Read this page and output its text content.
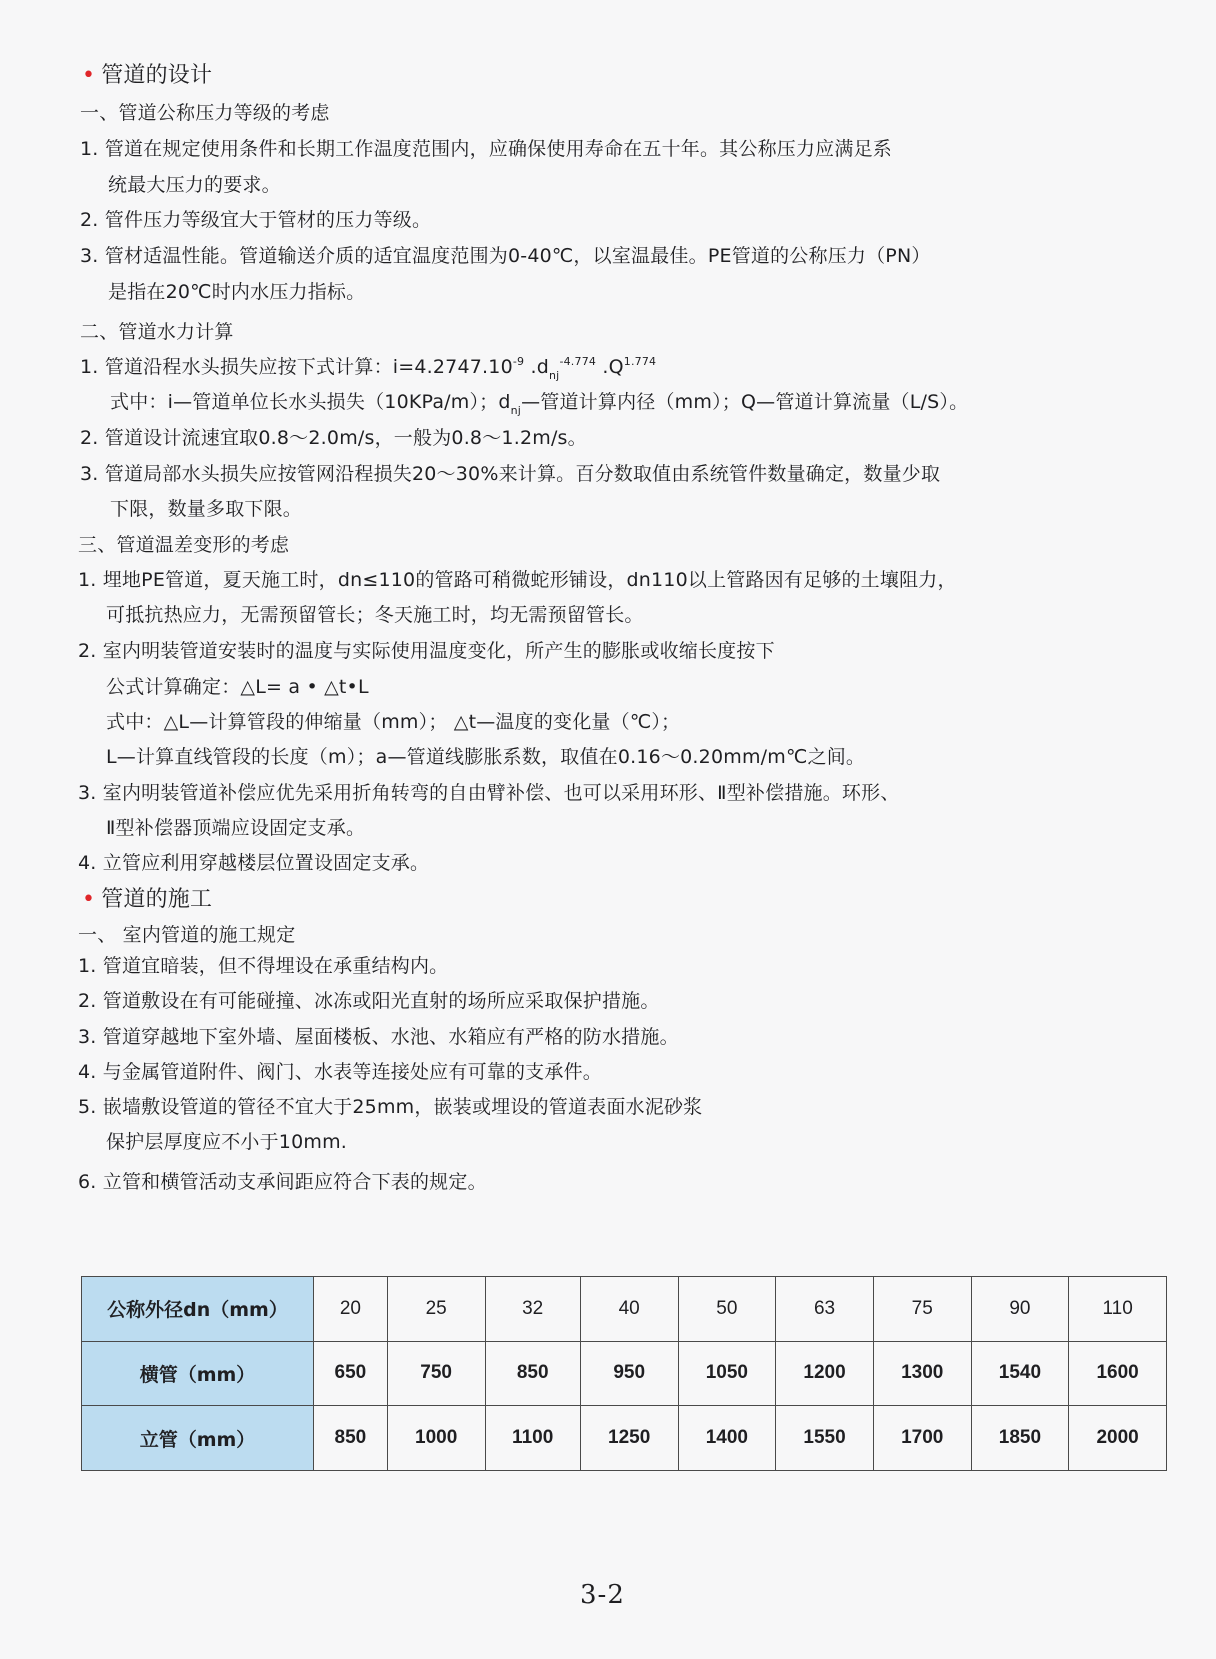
• 管道的设计
一、管道公称压力等级的考虑
1. 管道在规定使用条件和长期工作温度范围内，应确保使用寿命在五十年。其公称压力应满足系
统最大压力的要求。
2. 管件压力等级宜大于管材的压力等级。
3. 管材适温性能。管道输送介质的适宜温度范围为0-40℃，以室温最佳。PE管道的公称压力（PN）
是指在20℃时内水压力指标。
二、管道水力计算
1. 管道沿程水头损失应按下式计算：$i=4.2747.10^{-9}$ $.d_{nj}^{-4.774}$ $.Q^{1.774}$
式中：i—管道单位长水头损失（10KPa/m）；$d_{nj}—$管道计算内径（mm）；Q—管道计算流量（L/S）。
2. 管道设计流速宜取0.8～2.0m/s，一般为0.8～1.2m/s。
3. 管道局部水头损失应按管网沿程损失20～30%来计算。百分数取值由系统管件数量确定，数量少取
下限，数量多取下限。
三、管道温差变形的考虑
1. 埋地PE管道，夏天施工时，dn≤110的管路可稍微蛇形铺设，dn110以上管路因有足够的土壤阻力，
可抵抗热应力，无需预留管长；冬天施工时，均无需预留管长。
2. 室内明装管道安装时的温度与实际使用温度变化，所产生的膨胀或收缩长度按下
公式计算确定：△L= a • △t•L
式中：△L—计算管段的伸缩量（mm）； △t—温度的变化量（℃）；
L—计算直线管段的长度（m）；a—管道线膨胀系数，取值在0.16～0.20mm/m℃之间。
3. 室内明装管道补偿应优先采用折角转弯的自由臂补偿、也可以采用环形、Ⅱ型补偿措施。环形、
Ⅱ型补偿器顶端应设固定支承。
4. 立管应利用穿越楼层位置设固定支承。
• 管道的施工
一、 室内管道的施工规定
1. 管道宜暗装，但不得埋设在承重结构内。
2. 管道敷设在有可能碰撞、冰冻或阳光直射的场所应采取保护措施。
3. 管道穿越地下室外墙、屋面楼板、水池、水箱应有严格的防水措施。
4. 与金属管道附件、阀门、水表等连接处应有可靠的支承件。
5. 嵌墙敷设管道的管径不宜大于25mm，嵌装或埋设的管道表面水泥砂浆
保护层厚度应不小于10mm.
6. 立管和横管活动支承间距应符合下表的规定。
公称外径dn（mm）	20	25	32	40	50	63	75	90	110
横管（mm）	650	750	850	950	1050	1200	1300	1540	1600
立管（mm）	850	1000	1100	1250	1400	1550	1700	1850	2000
3-2
